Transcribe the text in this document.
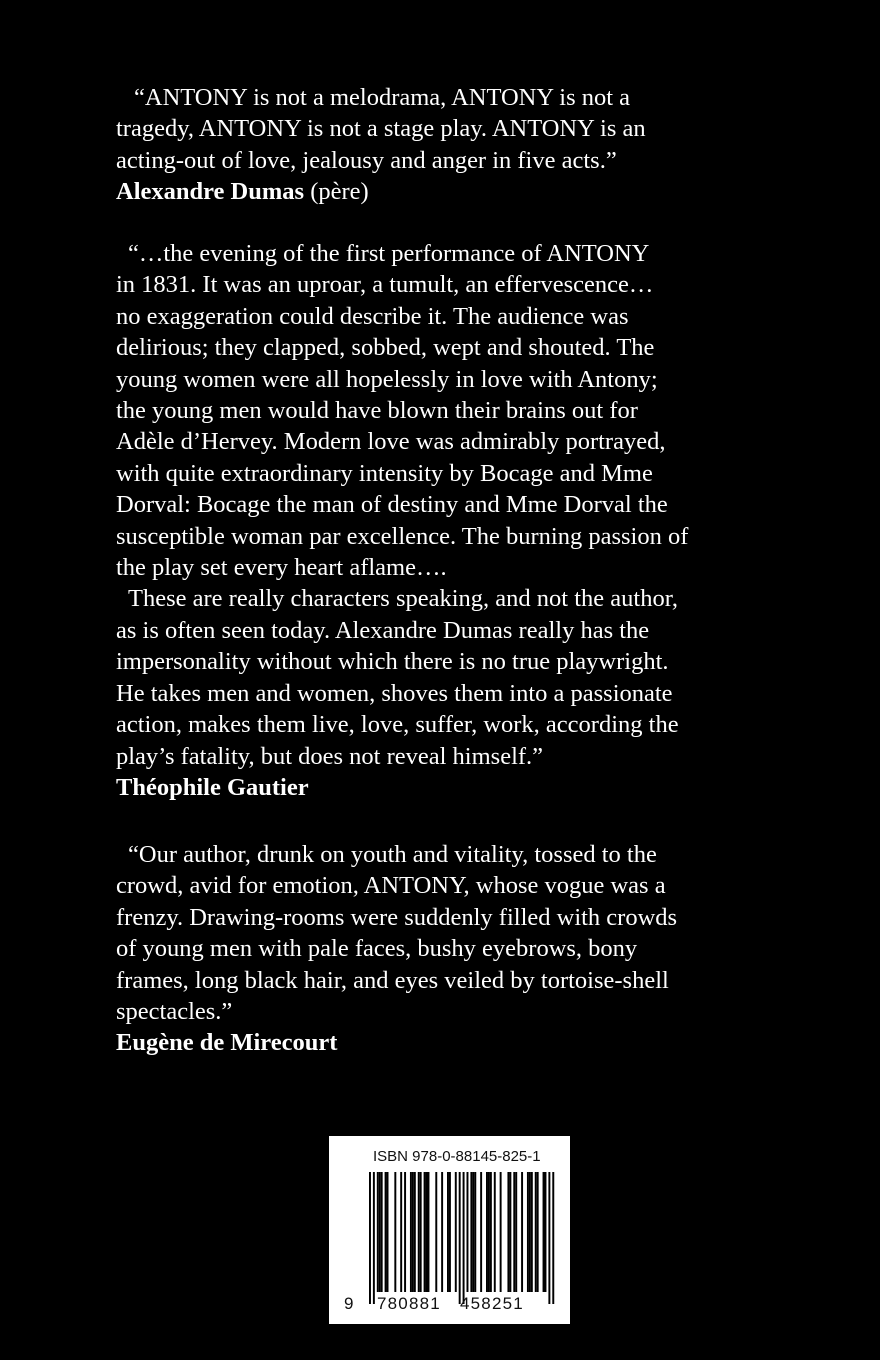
“ANTONY is not a melodrama, ANTONY is not a
tragedy, ANTONY is not a stage play. ANTONY is an
acting-out of love, jealousy and anger in five acts.”
Alexandre Dumas (père)
“…the evening of the first performance of ANTONY
in 1831. It was an uproar, a tumult, an effervescence…
no exaggeration could describe it. The audience was
delirious; they clapped, sobbed, wept and shouted. The
young women were all hopelessly in love with Antony;
the young men would have blown their brains out for
Adèle d’Hervey. Modern love was admirably portrayed,
with quite extraordinary intensity by Bocage and Mme
Dorval: Bocage the man of destiny and Mme Dorval the
susceptible woman par excellence. The burning passion of
the play set every heart aflame….
These are really characters speaking, and not the author,
as is often seen today. Alexandre Dumas really has the
impersonality without which there is no true playwright.
He takes men and women, shoves them into a passionate
action, makes them live, love, suffer, work, according the
play’s fatality, but does not reveal himself.”
Théophile Gautier
“Our author, drunk on youth and vitality, tossed to the
crowd, avid for emotion, ANTONY, whose vogue was a
frenzy. Drawing-rooms were suddenly filled with crowds
of young men with pale faces, bushy eyebrows, bony
frames, long black hair, and eyes veiled by tortoise-shell
spectacles.”
Eugène de Mirecourt
ISBN 978-0-88145-825-1
9 780881 458251
